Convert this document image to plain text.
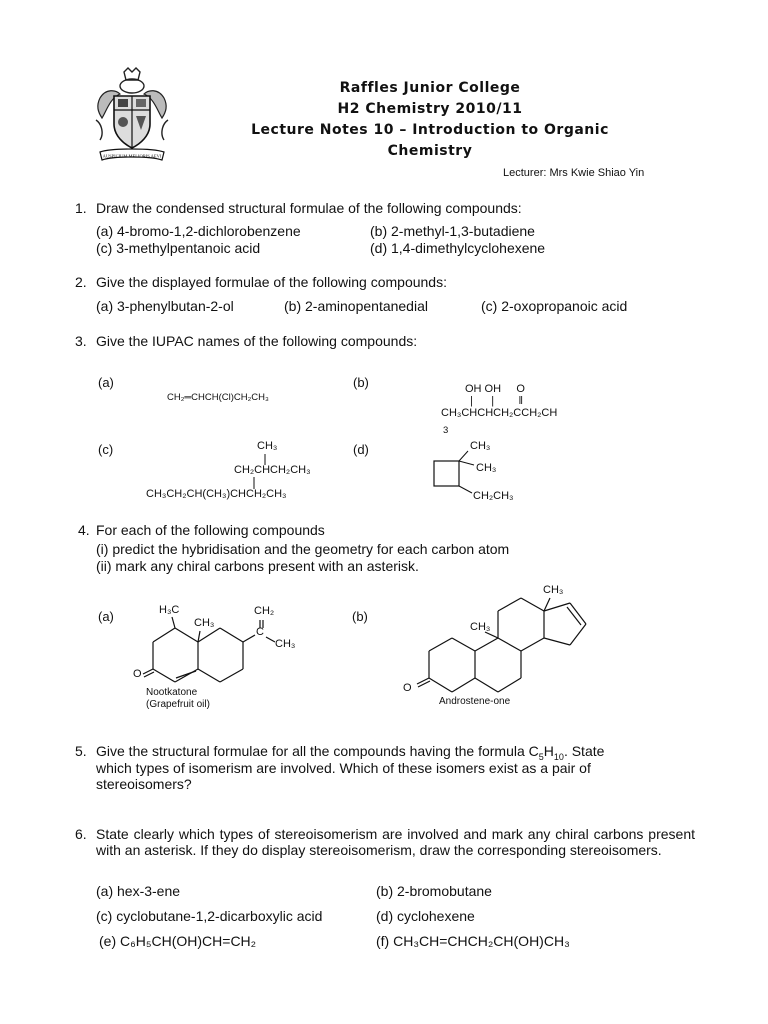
AUSPICIUM MELIORIS AEVI
Raffles Junior College
H2 Chemistry 2010/11
Lecture Notes 10 – Introduction to Organic
Chemistry
Lecturer: Mrs Kwie Shiao Yin
1. Draw the condensed structural formulae of the following compounds:
(a) 4-bromo-1,2-dichlorobenzene	(b) 2-methyl-1,3-butadiene
(c) 3-methylpentanoic acid	(d) 1,4-dimethylcyclohexene
2. Give the displayed formulae of the following compounds:
(a) 3-phenylbutan-2-ol	(b) 2-aminopentanedial	(c) 2-oxopropanoic acid
3. Give the IUPAC names of the following compounds:
(a)
CH₂═CHCH(Cl)CH₂CH₃
(b)	OH OH     O
|      |        ‖
CH₃CHCHCH₂CCH₂CH
3
(c)	CH₃
CH₂CHCH₂CH₃
CH₃CH₂CH(CH₃)CHCH₂CH₃
(d)	CH₃
CH₃
CH₂CH₃
4. For each of the following compounds
(i) predict the hybridisation and the geometry for each carbon atom
(ii) mark any chiral carbons present with an asterisk.
(a)	(b)
H₃C
CH₃
CH₂
C
CH₃
O
Nootkatone
(Grapefruit oil)
CH₃
CH₃
O
Androstene-one
5. Give the structural formulae for all the compounds having the formula $C_5H_{10}$. State
which types of isomerism are involved. Which of these isomers exist as a pair of
stereoisomers?
6. State clearly which types of stereoisomerism are involved and mark any chiral carbons present with an asterisk. If they do display stereoisomerism, draw the corresponding stereoisomers.
(a) hex-3-ene	(b) 2-bromobutane
(c) cyclobutane-1,2-dicarboxylic acid	(d) cyclohexene
(e) C₆H₅CH(OH)CH=CH₂	(f) CH₃CH=CHCH₂CH(OH)CH₃
